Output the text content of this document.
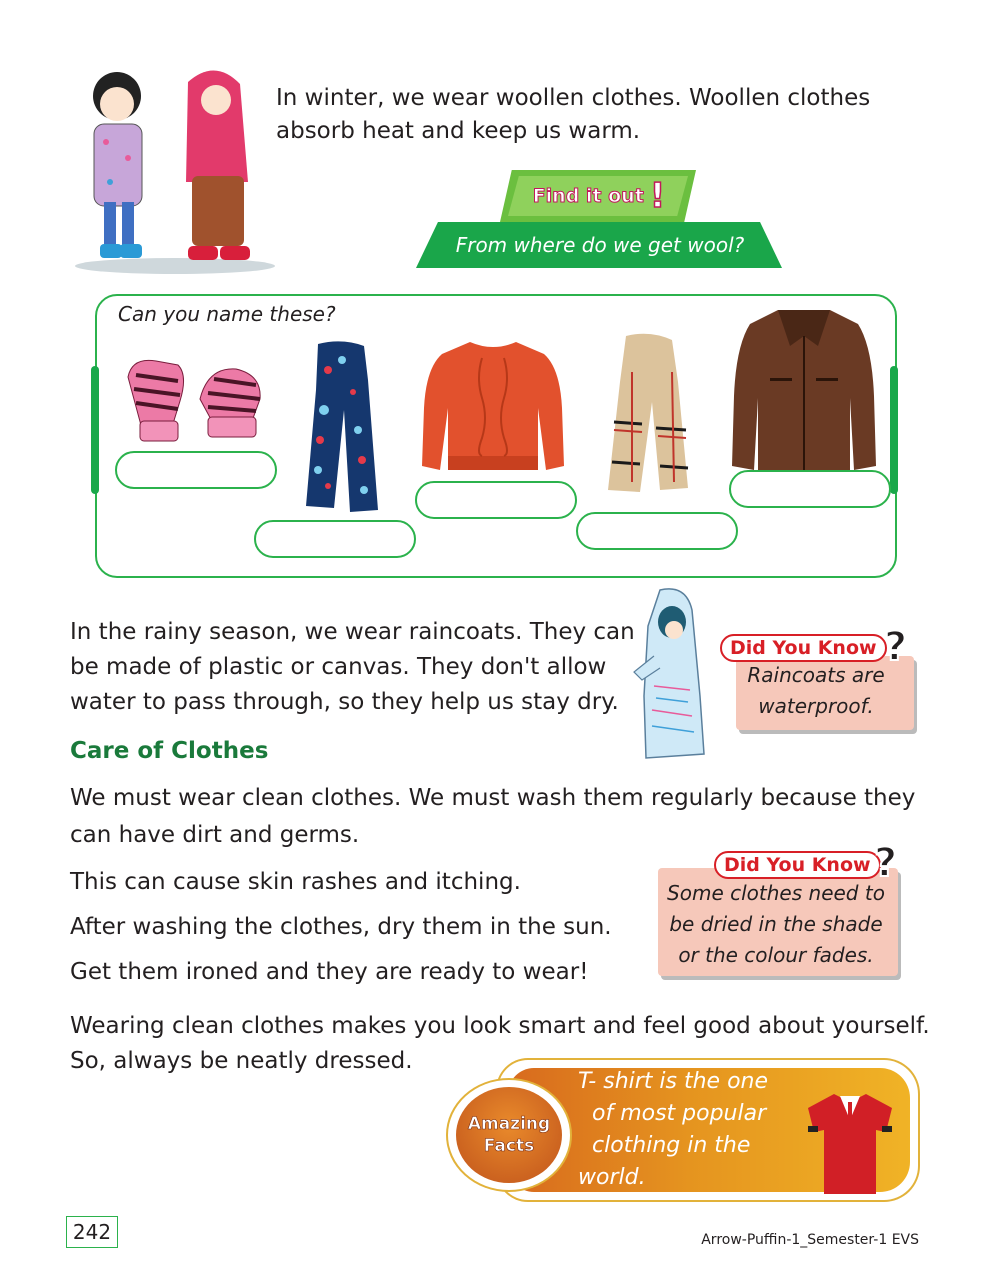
In winter, we wear woollen clothes. Woollen clothes

absorb heat and keep us warm.

Find it out !
From where do we get wool?
Can you name these?

In the rainy season, we wear raincoats. They can

be made of plastic or canvas. They don't allow

water to pass through, so they help us stay dry.

Did You Know ?
Raincoats are
waterproof.
Care of Clothes

We must wear clean clothes. We must wash them regularly because they

can have dirt and germs.

This can cause skin rashes and itching.

After washing the clothes, dry them in the sun.

Get them ironed and they are ready to wear!

Wearing clean clothes makes you look smart and feel good about yourself.

So, always be neatly dressed.

Did You Know ?
Some clothes need to
be dried in the shade
or the colour fades.
Amazing
Facts
T- shirt is the one
of most popular
clothing in the
world.
242	Arrow-Puffin-1_Semester-1 EVS
